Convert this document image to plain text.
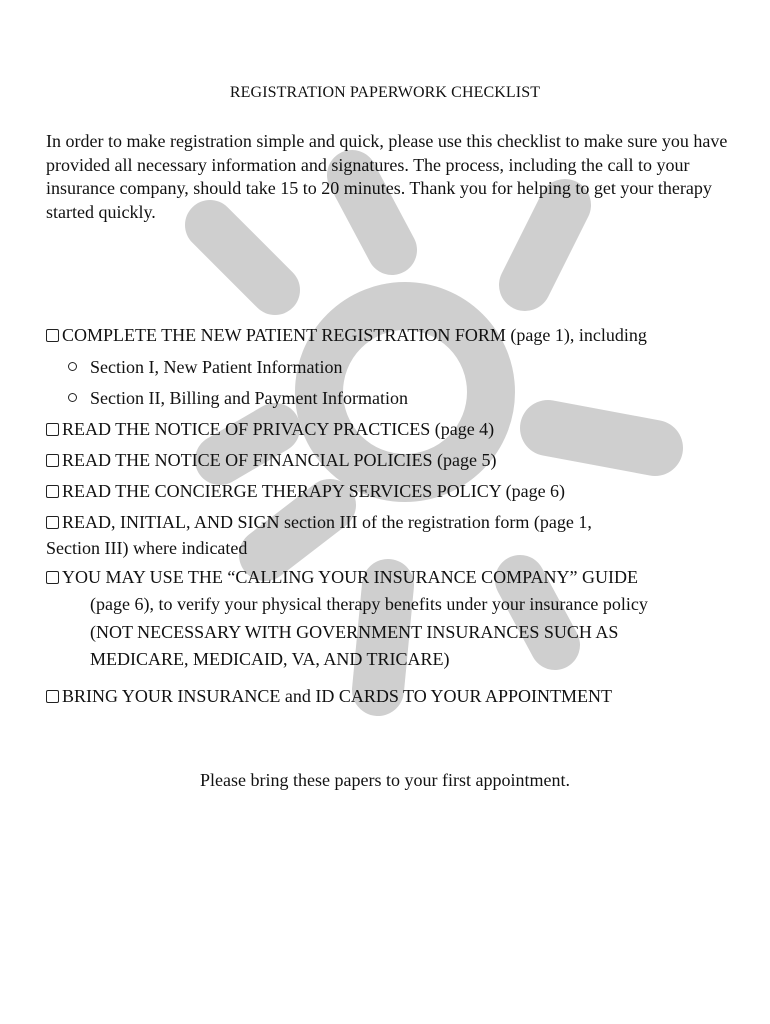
REGISTRATION PAPERWORK CHECKLIST
In order to make registration simple and quick, please use this checklist to make sure you have provided all necessary information and signatures. The process, including the call to your insurance company, should take 15 to 20 minutes. Thank you for helping to get your therapy started quickly.
COMPLETE THE NEW PATIENT REGISTRATION FORM (page 1), including
Section I, New Patient Information
Section II, Billing and Payment Information
READ THE NOTICE OF PRIVACY PRACTICES (page 4)
READ THE NOTICE OF FINANCIAL POLICIES (page 5)
READ THE CONCIERGE THERAPY SERVICES POLICY (page 6)
READ, INITIAL, AND SIGN section III of the registration form (page 1,
Section III) where indicated
YOU MAY USE THE “CALLING YOUR INSURANCE COMPANY” GUIDE
(page 6), to verify your physical therapy benefits under your insurance policy
(NOT NECESSARY WITH GOVERNMENT INSURANCES SUCH AS
MEDICARE, MEDICAID, VA, AND TRICARE)
BRING YOUR INSURANCE and ID CARDS TO YOUR APPOINTMENT
Please bring these papers to your first appointment.
